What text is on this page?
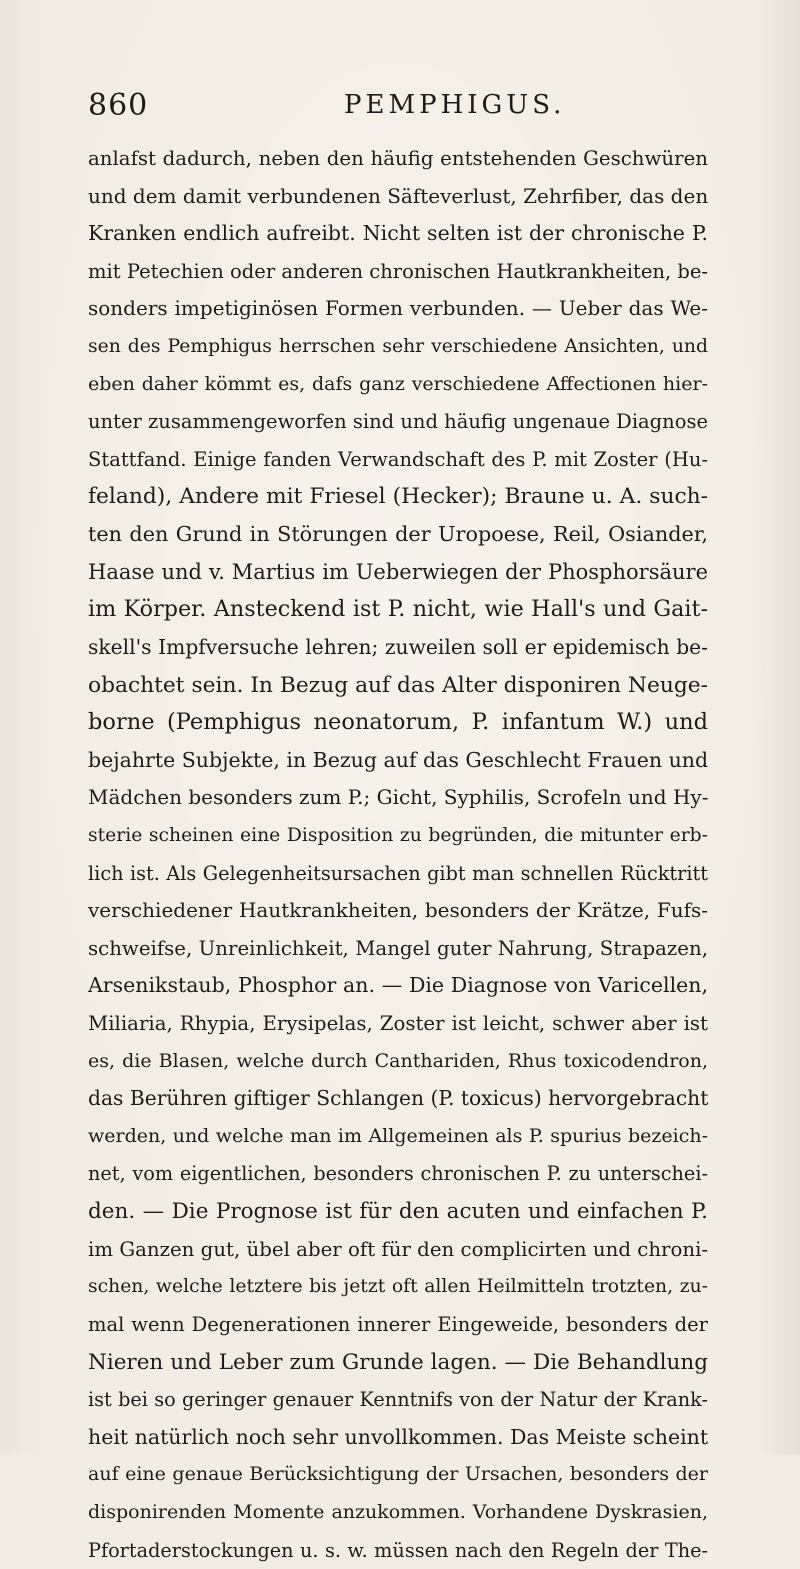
860	PEMPHIGUS.
anlafst dadurch, neben den häufig entstehenden Geschwüren
und dem damit verbundenen Säfteverlust, Zehrfiber, das den
Kranken endlich aufreibt. Nicht selten ist der chronische P.
mit Petechien oder anderen chronischen Hautkrankheiten, be-
sonders impetiginösen Formen verbunden. — Ueber das We-
sen des Pemphigus herrschen sehr verschiedene Ansichten, und
eben daher kömmt es, dafs ganz verschiedene Affectionen hier-
unter zusammengeworfen sind und häufig ungenaue Diagnose
Stattfand. Einige fanden Verwandschaft des P. mit Zoster (Hu-
feland), Andere mit Friesel (Hecker); Braune u. A. such-
ten den Grund in Störungen der Uropoese, Reil, Osiander,
Haase und v. Martius im Ueberwiegen der Phosphorsäure
im Körper. Ansteckend ist P. nicht, wie Hall's und Gait-
skell's Impfversuche lehren; zuweilen soll er epidemisch be-
obachtet sein. In Bezug auf das Alter disponiren Neuge-
borne (Pemphigus neonatorum, P. infantum W.) und
bejahrte Subjekte, in Bezug auf das Geschlecht Frauen und
Mädchen besonders zum P.; Gicht, Syphilis, Scrofeln und Hy-
sterie scheinen eine Disposition zu begründen, die mitunter erb-
lich ist. Als Gelegenheitsursachen gibt man schnellen Rücktritt
verschiedener Hautkrankheiten, besonders der Krätze, Fufs-
schweifse, Unreinlichkeit, Mangel guter Nahrung, Strapazen,
Arsenikstaub, Phosphor an. — Die Diagnose von Varicellen,
Miliaria, Rhypia, Erysipelas, Zoster ist leicht, schwer aber ist
es, die Blasen, welche durch Canthariden, Rhus toxicodendron,
das Berühren giftiger Schlangen (P. toxicus) hervorgebracht
werden, und welche man im Allgemeinen als P. spurius bezeich-
net, vom eigentlichen, besonders chronischen P. zu unterschei-
den. — Die Prognose ist für den acuten und einfachen P.
im Ganzen gut, übel aber oft für den complicirten und chroni-
schen, welche letztere bis jetzt oft allen Heilmitteln trotzten, zu-
mal wenn Degenerationen innerer Eingeweide, besonders der
Nieren und Leber zum Grunde lagen. — Die Behandlung
ist bei so geringer genauer Kenntnifs von der Natur der Krank-
heit natürlich noch sehr unvollkommen. Das Meiste scheint
auf eine genaue Berücksichtigung der Ursachen, besonders der
disponirenden Momente anzukommen. Vorhandene Dyskrasien,
Pfortaderstockungen u. s. w. müssen nach den Regeln der The-
